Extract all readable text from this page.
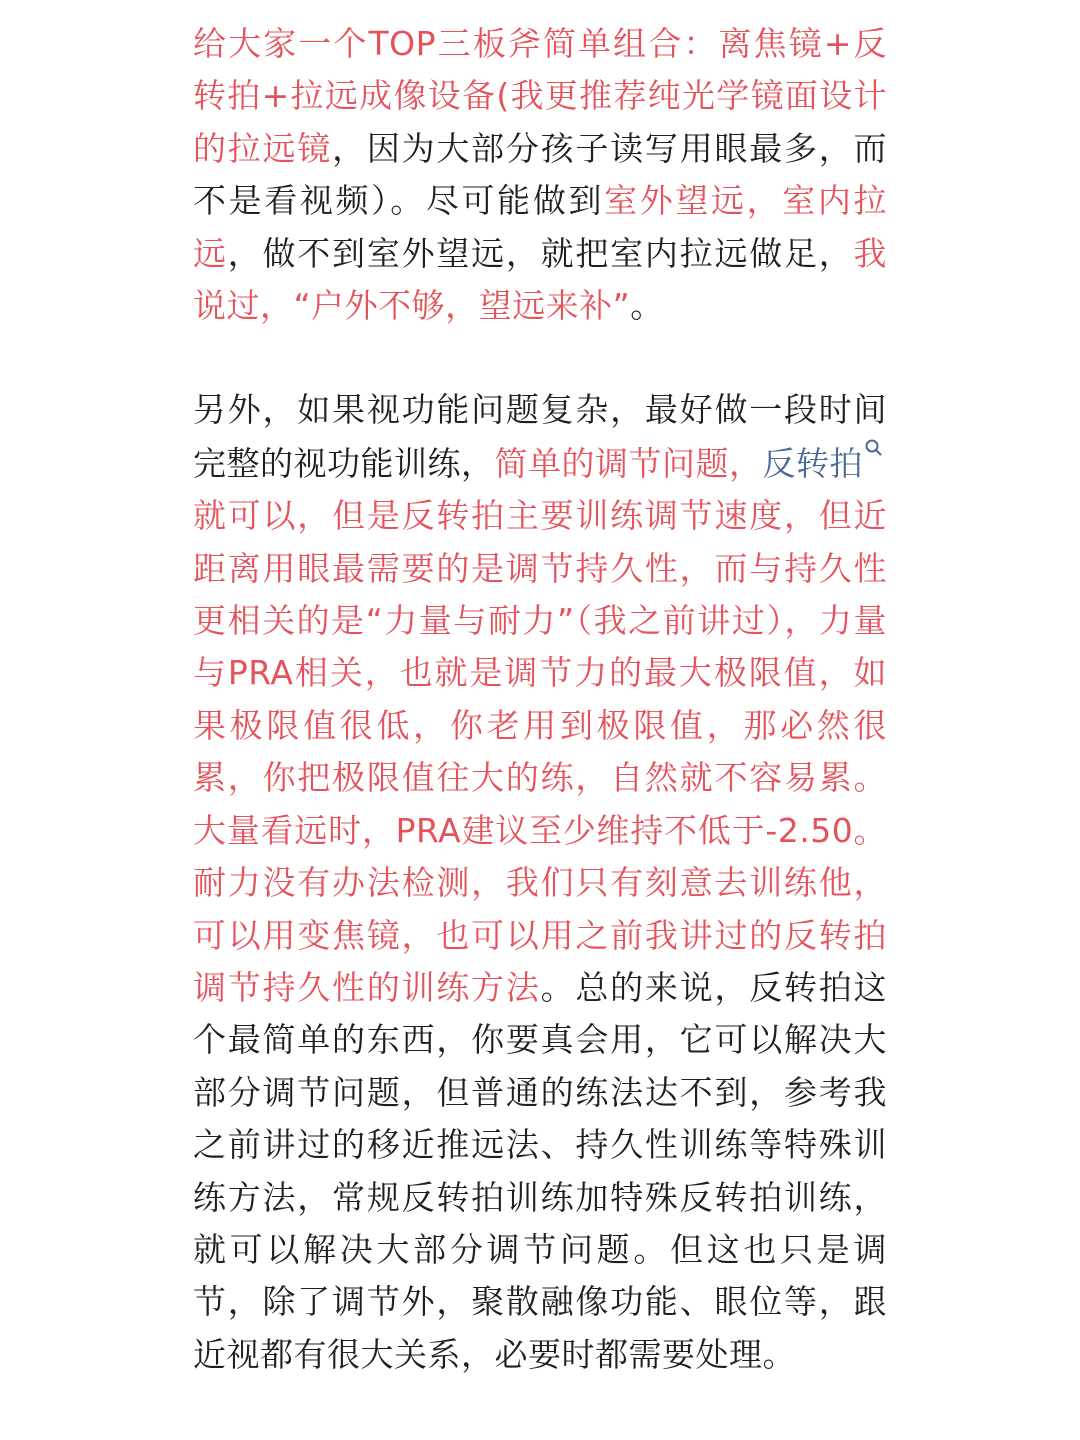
给大家一个TOP三板斧简单组合：离焦镜+反转拍+拉远成像设备(我更推荐纯光学镜面设计的拉远镜，因为大部分孩子读写用眼最多，而不是看视频）。尽可能做到室外望远，室内拉远，做不到室外望远，就把室内拉远做足，我说过，“户外不够，望远来补”。

另外，如果视功能问题复杂，最好做一段时间完整的视功能训练，简单的调节问题，反转拍
就可以，但是反转拍主要训练调节速度，但近距离用眼最需要的是调节持久性，而与持久性更相关的是“力量与耐力”（我之前讲过），力量与PRA相关，也就是调节力的最大极限值，如果极限值很低，你老用到极限值，那必然很累，你把极限值往大的练，自然就不容易累。大量看远时，PRA建议至少维持不低于-2.50。耐力没有办法检测，我们只有刻意去训练他，可以用变焦镜，也可以用之前我讲过的反转拍调节持久性的训练方法。总的来说，反转拍这个最简单的东西，你要真会用，它可以解决大部分调节问题，但普通的练法达不到，参考我之前讲过的移近推远法、持久性训练等特殊训练方法，常规反转拍训练加特殊反转拍训练，就可以解决大部分调节问题。但这也只是调节，除了调节外，聚散融像功能、眼位等，跟近视都有很大关系，必要时都需要处理。
